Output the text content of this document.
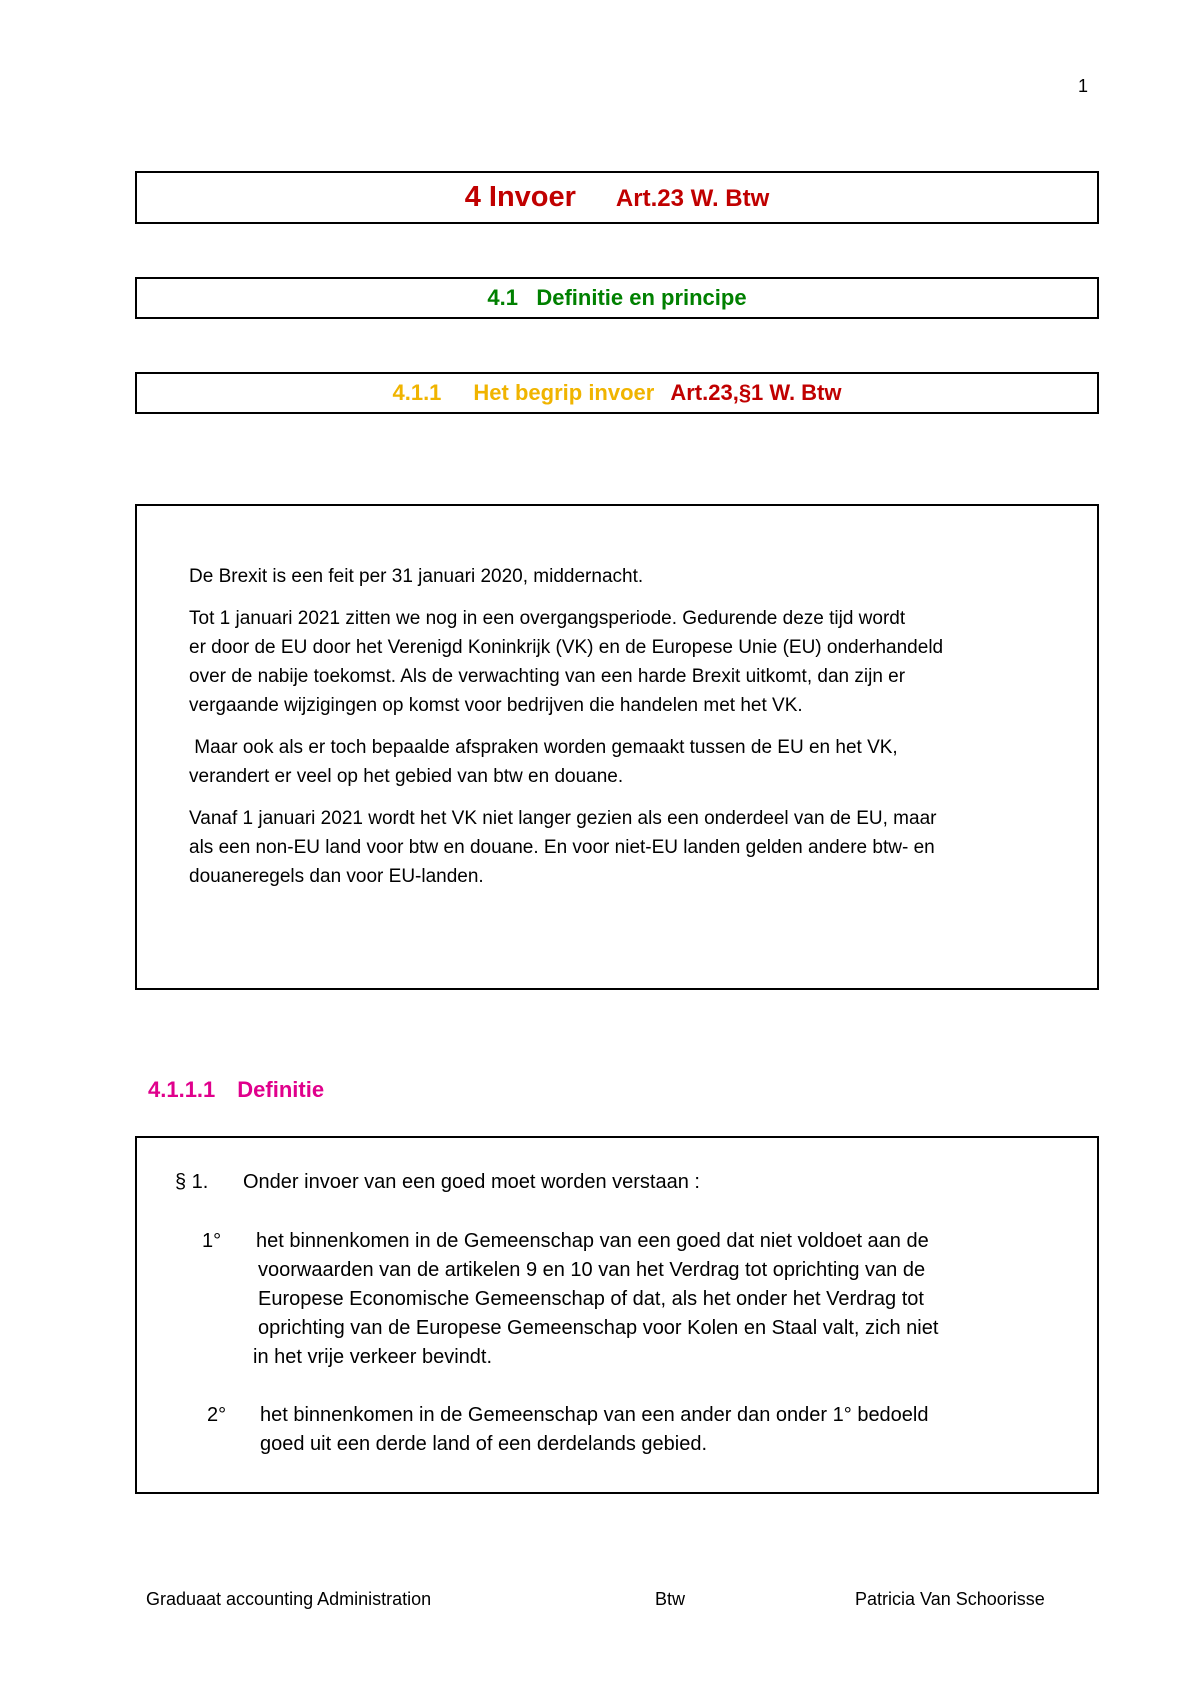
1
4 Invoer Art.23 W. Btw
4.1   Definitie en principe
4.1.1 Het begrip invoer Art.23,§1 W. Btw

De Brexit is een feit per 31 januari 2020, middernacht.

Tot 1 januari 2021 zitten we nog in een overgangsperiode. Gedurende deze tijd wordt
er door de EU door het Verenigd Koninkrijk (VK) en de Europese Unie (EU) onderhandeld
over de nabije toekomst. Als de verwachting van een harde Brexit uitkomt, dan zijn er
vergaande wijzigingen op komst voor bedrijven die handelen met het VK.

Maar ook als er toch bepaalde afspraken worden gemaakt tussen de EU en het VK,
verandert er veel op het gebied van btw en douane.

Vanaf 1 januari 2021 wordt het VK niet langer gezien als een onderdeel van de EU, maar
als een non-EU land voor btw en douane. En voor niet-EU landen gelden andere btw- en
douaneregels dan voor EU-landen.

4.1.1.1 Definitie
§ 1. Onder invoer van een goed moet worden verstaan :
1° het binnenkomen in de Gemeenschap van een goed dat niet voldoet aan de
voorwaarden van de artikelen 9 en 10 van het Verdrag tot oprichting van de
Europese Economische Gemeenschap of dat, als het onder het Verdrag tot
oprichting van de Europese Gemeenschap voor Kolen en Staal valt, zich niet
in het vrije verkeer bevindt.
2° het binnenkomen in de Gemeenschap van een ander dan onder 1° bedoeld
goed uit een derde land of een derdelands gebied.
Graduaat accounting Administration	Btw	Patricia Van Schoorisse
